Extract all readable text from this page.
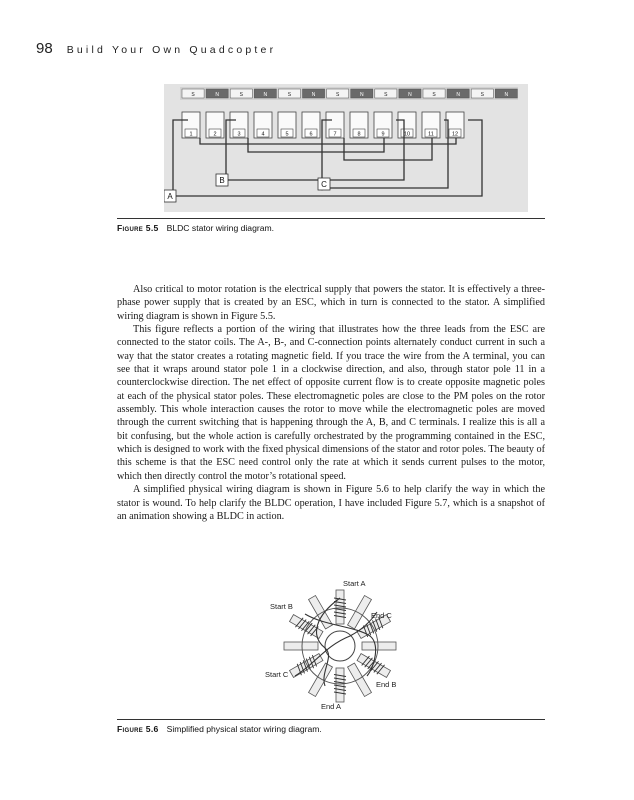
98 Build Your Own Quadcopter
S	N	S	N	S	N	S	N	S	N	S	N	S	N
1	2	3	4	5	6	7	8	9	10	11	12
A
B	C
Figure 5.5 BLDC stator wiring diagram.

Also critical to motor rotation is the electrical supply that powers the stator. It is effectively a three-phase power supply that is created by an ESC, which in turn is connected to the stator. A simplified wiring diagram is shown in Figure 5.5.

This figure reflects a portion of the wiring that illustrates how the three leads from the ESC are connected to the stator coils. The A-, B-, and C-connection points alternately conduct current in such a way that the stator creates a rotating magnetic field. If you trace the wire from the A terminal, you can see that it wraps around stator pole 1 in a clockwise direction, and also, through stator pole 11 in a counterclockwise direction. The net effect of opposite current flow is to create opposite magnetic poles at each of the physical stator poles. These electromagnetic poles are close to the PM poles on the rotor assembly. This whole interaction causes the rotor to move while the electromagnetic poles are moved through the current switching that is happening through the A, B, and C terminals. I realize this is all a bit confusing, but the whole action is carefully orchestrated by the programming contained in the ESC, which is designed to work with the fixed physical dimensions of the stator and rotor poles. The beauty of this scheme is that the ESC need control only the rate at which it sends current pulses to the motor, which then directly control the motor’s rotational speed.

A simplified physical wiring diagram is shown in Figure 5.6 to help clarify the way in which the stator is wound. To help clarify the BLDC operation, I have included Figure 5.7, which is a snapshot of an animation showing a BLDC in action.

Start A
Start B
End C
Start C
End B
End A
Figure 5.6 Simplified physical stator wiring diagram.
